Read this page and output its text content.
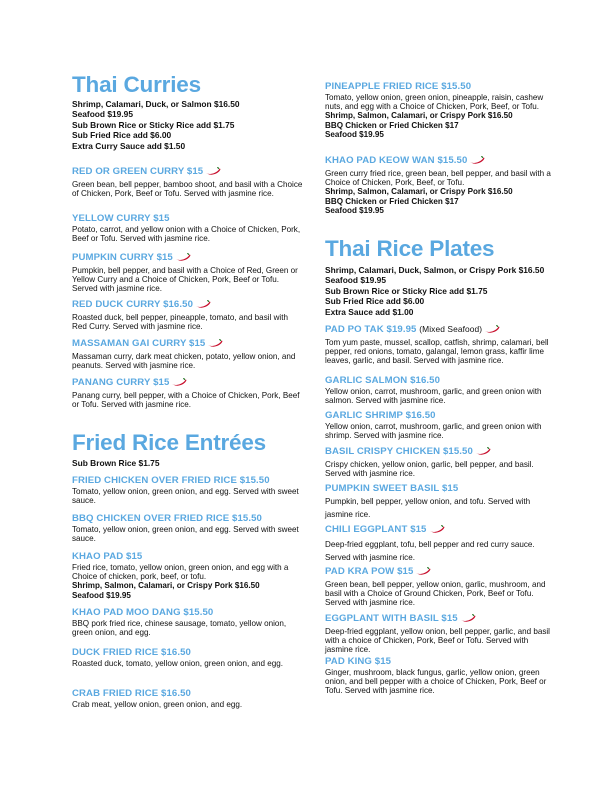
Thai Curries
Shrimp, Calamari, Duck, or Salmon $16.50
Seafood $19.95
Sub Brown Rice or Sticky Rice add $1.75
Sub Fried Rice add $6.00
Extra Curry Sauce add $1.50
RED OR GREEN CURRY $15
Green bean, bell pepper, bamboo shoot, and basil with a Choice of Chicken, Pork, Beef or Tofu. Served with jasmine rice.
YELLOW CURRY $15
Potato, carrot, and yellow onion with a Choice of Chicken, Pork, Beef or Tofu. Served with jasmine rice.
PUMPKIN CURRY $15
Pumpkin, bell pepper, and basil with a Choice of Red, Green or Yellow Curry and a Choice of Chicken, Pork, Beef or Tofu. Served with jasmine rice.
RED DUCK CURRY $16.50
Roasted duck, bell pepper, pineapple, tomato, and basil with Red Curry. Served with jasmine rice.
MASSAMAN GAI CURRY $15
Massaman curry, dark meat chicken, potato, yellow onion, and peanuts. Served with jasmine rice.
PANANG CURRY $15
Panang curry, bell pepper, with a Choice of Chicken, Pork, Beef or Tofu. Served with jasmine rice.
Fried Rice Entrées
Sub Brown Rice $1.75
FRIED CHICKEN OVER FRIED RICE $15.50
Tomato, yellow onion, green onion, and egg. Served with sweet sauce.
BBQ CHICKEN OVER FRIED RICE $15.50
Tomato, yellow onion, green onion, and egg. Served with sweet sauce.
KHAO PAD $15
Fried rice, tomato, yellow onion, green onion, and egg with a Choice of chicken, pork, beef, or tofu.
Shrimp, Salmon, Calamari, or Crispy Pork $16.50
Seafood $19.95
KHAO PAD MOO DANG $15.50
BBQ pork fried rice, chinese sausage, tomato, yellow onion, green onion, and egg.
DUCK FRIED RICE $16.50
Roasted duck, tomato, yellow onion, green onion, and egg.
CRAB FRIED RICE $16.50
Crab meat, yellow onion, green onion, and egg.
PINEAPPLE FRIED RICE $15.50
Tomato, yellow onion, green onion, pineapple, raisin, cashew nuts, and egg with a Choice of Chicken, Pork, Beef, or Tofu.
Shrimp, Salmon, Calamari, or Crispy Pork $16.50
BBQ Chicken or Fried Chicken $17
Seafood $19.95
KHAO PAD KEOW WAN $15.50
Green curry fried rice, green bean, bell pepper, and basil with a Choice of Chicken, Pork, Beef, or Tofu.
Shrimp, Salmon, Calamari, or Crispy Pork $16.50
BBQ Chicken or Fried Chicken $17
Seafood $19.95
Thai Rice Plates
Shrimp, Calamari, Duck, Salmon, or Crispy Pork $16.50
Seafood $19.95
Sub Brown Rice or Sticky Rice add $1.75
Sub Fried Rice add $6.00
Extra Sauce add $1.00
PAD PO TAK $19.95 (Mixed Seafood)
Tom yum paste, mussel, scallop, catfish, shrimp, calamari, bell pepper, red onions, tomato, galangal, lemon grass, kaffir lime leaves, garlic, and basil. Served with jasmine rice.
GARLIC SALMON $16.50
Yellow onion, carrot, mushroom, garlic, and green onion with salmon. Served with jasmine rice.
GARLIC SHRIMP $16.50
Yellow onion, carrot, mushroom, garlic, and green onion with shrimp. Served with jasmine rice.
BASIL CRISPY CHICKEN $15.50
Crispy chicken, yellow onion, garlic, bell pepper, and basil. Served with jasmine rice.
PUMPKIN SWEET BASIL $15
Pumpkin, bell pepper, yellow onion, and tofu. Served with jasmine rice.
CHILI EGGPLANT $15
Deep-fried eggplant, tofu, bell pepper and red curry sauce. Served with jasmine rice.
PAD KRA POW $15
Green bean, bell pepper, yellow onion, garlic, mushroom, and basil with a Choice of Ground Chicken, Pork, Beef or Tofu. Served with jasmine rice.
EGGPLANT WITH BASIL $15
Deep-fried eggplant, yellow onion, bell pepper, garlic, and basil with a choice of Chicken, Pork, Beef or Tofu. Served with jasmine rice.
PAD KING $15
Ginger, mushroom, black fungus, garlic, yellow onion, green onion, and bell pepper with a choice of Chicken, Pork, Beef or Tofu. Served with jasmine rice.
